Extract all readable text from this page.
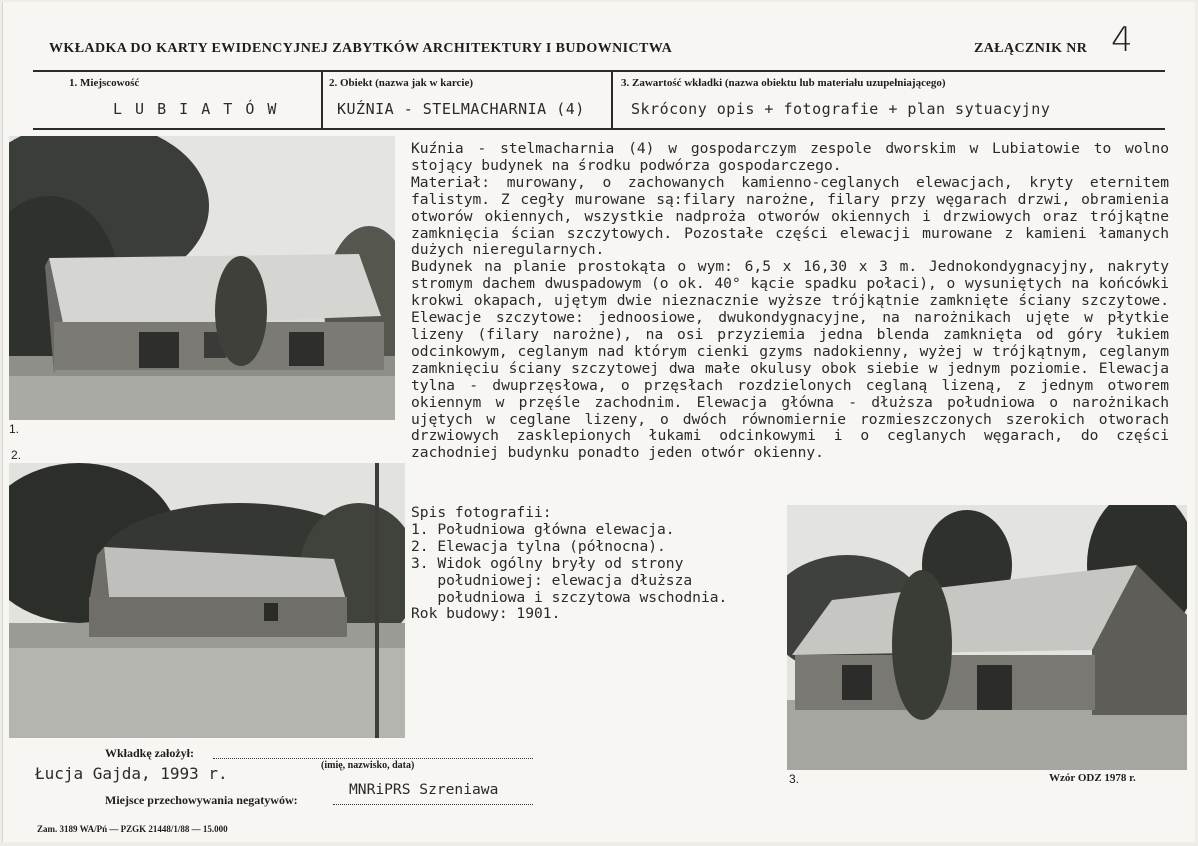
WKŁADKA DO KARTY EWIDENCYJNEJ ZABYTKÓW ARCHITEKTURY I BUDOWNICTWA	ZAŁĄCZNIK NR 4
1. Miejscowość
L U B I A T Ó W
2. Obiekt (nazwa jak w karcie)
KUŹNIA - STELMACHARNIA (4)
3. Zawartość wkładki (nazwa obiektu lub materiału uzupełniającego)
Skrócony opis + fotografie + plan sytuacyjny
1.
2.
3.

Kuźnia - stelmacharnia (4) w gospodarczym zespole dworskim w Lubiatowie to wolno stojący budynek na środku podwórza gospodarczego.

Materiał: murowany, o zachowanych kamienno-ceglanych elewacjach, kryty eternitem falistym. Z cegły murowane są:filary narożne, filary przy węgarach drzwi, obramienia otworów okiennych, wszystkie nadproża otworów okiennych i drzwiowych oraz trójkątne zamknięcia ścian szczytowych. Pozostałe części elewacji murowane z kamieni łamanych dużych nieregularnych.

Budynek na planie prostokąta o wym: 6,5 x 16,30 x 3 m. Jednokondygnacyjny, nakryty stromym dachem dwuspadowym (o ok. 40° kącie spadku połaci), o wysuniętych na końcówki krokwi okapach, ujętym dwie nieznacznie wyższe trójkątnie zamknięte ściany szczytowe. Elewacje szczytowe: jednoosiowe, dwukondygnacyjne, na narożnikach ujęte w płytkie lizeny (filary narożne), na osi przyziemia jedna blenda zamknięta od góry łukiem odcinkowym, ceglanym nad którym cienki gzyms nadokienny, wyżej w trójkątnym, ceglanym zamknięciu ściany szczytowej dwa małe okulusy obok siebie w jednym poziomie. Elewacja tylna - dwuprzęsłowa, o przęsłach rozdzielonych ceglaną lizeną, z jednym otworem okiennym w przęśle zachodnim. Elewacja główna - dłuższa południowa o narożnikach ujętych w ceglane lizeny, o dwóch równomiernie rozmieszczonych szerokich otworach drzwiowych zasklepionych łukami odcinkowymi i o ceglanych węgarach, do części zachodniej budynku ponadto jeden otwór okienny.

Spis fotografii:

1. Południowa główna elewacja.

2. Elewacja tylna (północna).

3. Widok ogólny bryły od strony

południowej: elewacja dłuższa

południowa i szczytowa wschodnia.

Rok budowy: 1901.

Wkładkę założył:
(imię, nazwisko, data)
Łucja Gajda, 1993 r.
MNRiPRS Szreniawa
Miejsce przechowywania negatywów:
Wzór ODZ 1978 r.
Zam. 3189 WA/Pń — PZGK 21448/1/88 — 15.000
